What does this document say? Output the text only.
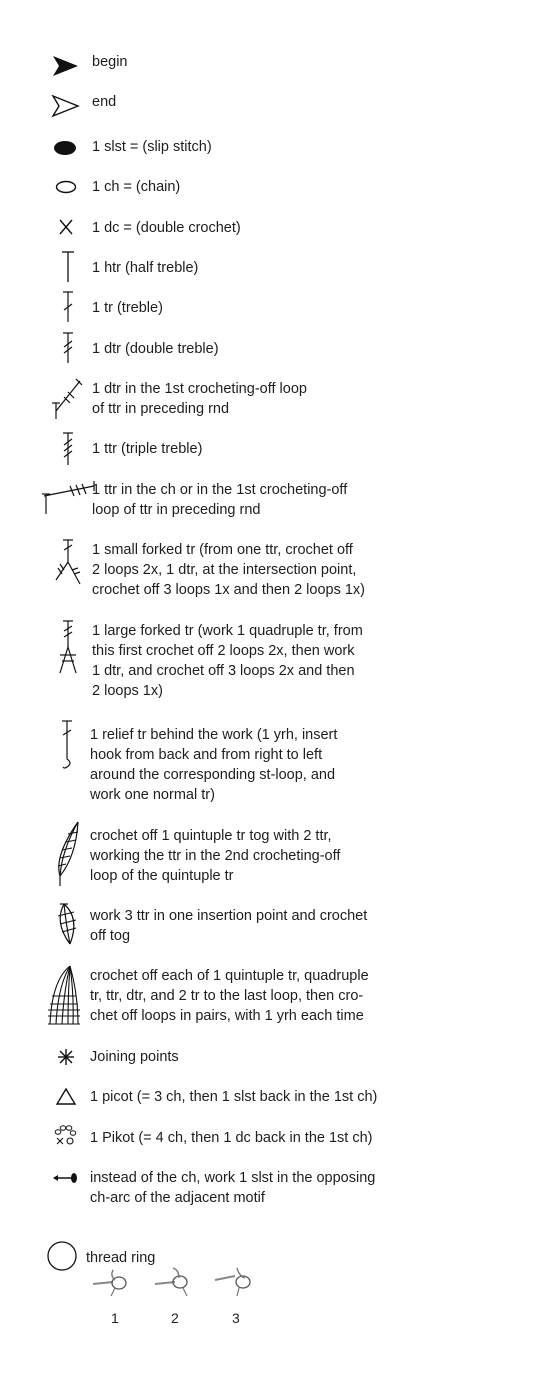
begin
end
1 slst = (slip stitch)
1 ch = (chain)
1 dc = (double crochet)
1 htr (half treble)
1 tr (treble)
1 dtr (double treble)
1 dtr in the 1st crocheting-off loop
of ttr in preceding rnd
1 ttr (triple treble)
1 ttr in the ch or in the 1st crocheting-off
loop of ttr in preceding rnd
1 small forked tr (from one ttr, crochet off
2 loops 2x, 1 dtr, at the intersection point,
crochet off 3 loops 1x and then 2 loops 1x)
1 large forked tr (work 1 quadruple tr, from
this first crochet off 2 loops 2x, then work
1 dtr, and crochet off 3 loops 2x and then
2 loops 1x)
1 relief tr behind the work (1 yrh, insert
hook from back and from right to left
around the corresponding st-loop, and
work one normal tr)
crochet off 1 quintuple tr tog with 2 ttr,
working the ttr in the 2nd crocheting-off
loop of the quintuple tr
work 3 ttr in one insertion point and crochet
off tog
crochet off each of 1 quintuple tr, quadruple
tr, ttr, dtr, and 2 tr to the last loop, then cro-
chet off loops in pairs, with 1 yrh each time
Joining points
1 picot (= 3 ch, then 1 slst back in the 1st ch)
1 Pikot (= 4 ch, then 1 dc back in the 1st ch)
instead of the ch, work 1 slst in the opposing
ch-arc of the adjacent motif
thread ring
1	2	3
